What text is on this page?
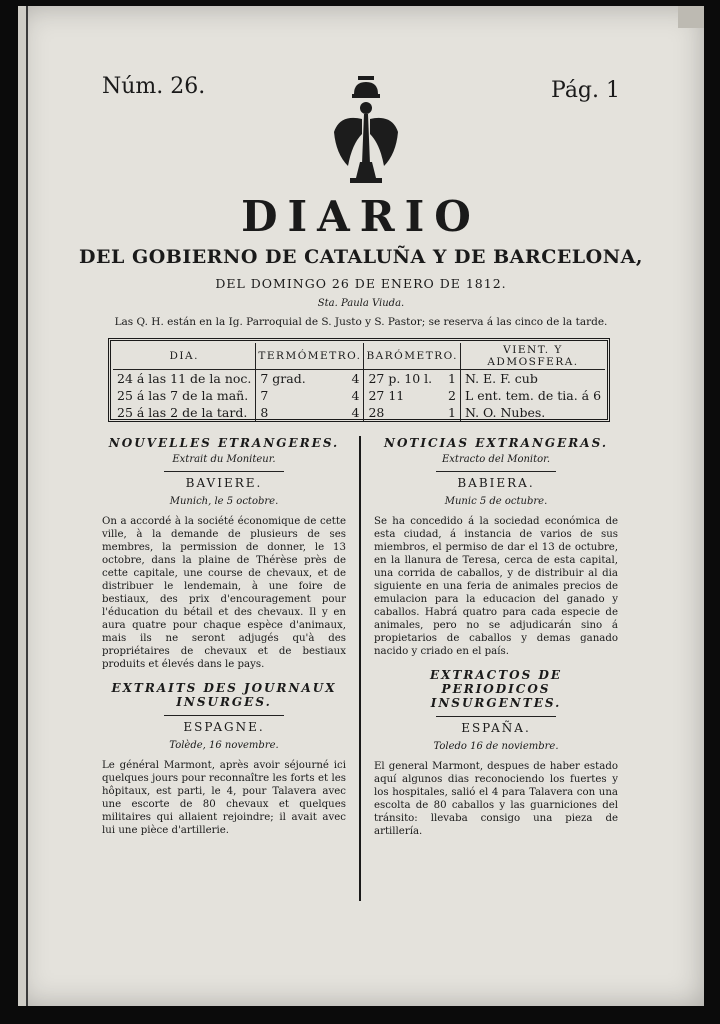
Núm. 26.	Pág. 1
DIARIO
DEL GOBIERNO DE CATALUÑA Y DE BARCELONA,
DEL DOMINGO 26 DE ENERO DE 1812.
Sta. Paula Viuda.
Las Q. H. están en la Ig. Parroquial de S. Justo y S. Pastor; se reserva á las cinco de la tarde.
DIA.	TERMÓMETRO.		BARÓMETRO.		VIENT. Y ADMOSFERA.
24 á las 11 de la noc.	7 grad.	4	27 p. 10 l.	1	N. E. F. cub
25 á las 7 de la mañ.	7	4	27 11	2	L ent. tem. de tia. á 6
25 á las 2 de la tard.	8	4	28	1	N. O. Nubes.
NOUVELLES ETRANGERES.
Extrait du Moniteur.
BAVIERE.
Munich, le 5 octobre.
On a accordé à la société économique de cette ville, à la demande de plusieurs de ses membres, la permission de donner, le 13 octobre, dans la plaine de Thérèse près de cette capitale, une course de chevaux, et de distribuer le lendemain, à une foire de bestiaux, des prix d'encouragement pour l'éducation du bétail et des chevaux. Il y en aura quatre pour chaque espèce d'animaux, mais ils ne seront adjugés qu'à des propriétaires de chevaux et de bestiaux produits et élevés dans le pays.
EXTRAITS DES JOURNAUX INSURGES.
ESPAGNE.
Tolède, 16 novembre.
Le général Marmont, après avoir séjourné ici quelques jours pour reconnaître les forts et les hôpitaux, est parti, le 4, pour Talavera avec une escorte de 80 chevaux et quelques militaires qui allaient rejoindre; il avait avec lui une pièce d'artillerie.
NOTICIAS EXTRANGERAS.
Extracto del Monitor.
BABIERA.
Munic 5 de octubre.
Se ha concedido á la sociedad económica de esta ciudad, á instancia de varios de sus miembros, el permiso de dar el 13 de octubre, en la llanura de Teresa, cerca de esta capital, una corrida de caballos, y de distribuir al dia siguiente en una feria de animales precios de emulacion para la educacion del ganado y caballos. Habrá quatro para cada especie de animales, pero no se adjudicarán sino á propietarios de caballos y demas ganado nacido y criado en el país.
EXTRACTOS DE PERIODICOS INSURGENTES.
ESPAÑA.
Toledo 16 de noviembre.
El general Marmont, despues de haber estado aquí algunos dias reconociendo los fuertes y los hospitales, salió el 4 para Talavera con una escolta de 80 caballos y las guarniciones del tránsito: llevaba consigo una pieza de artillería.
